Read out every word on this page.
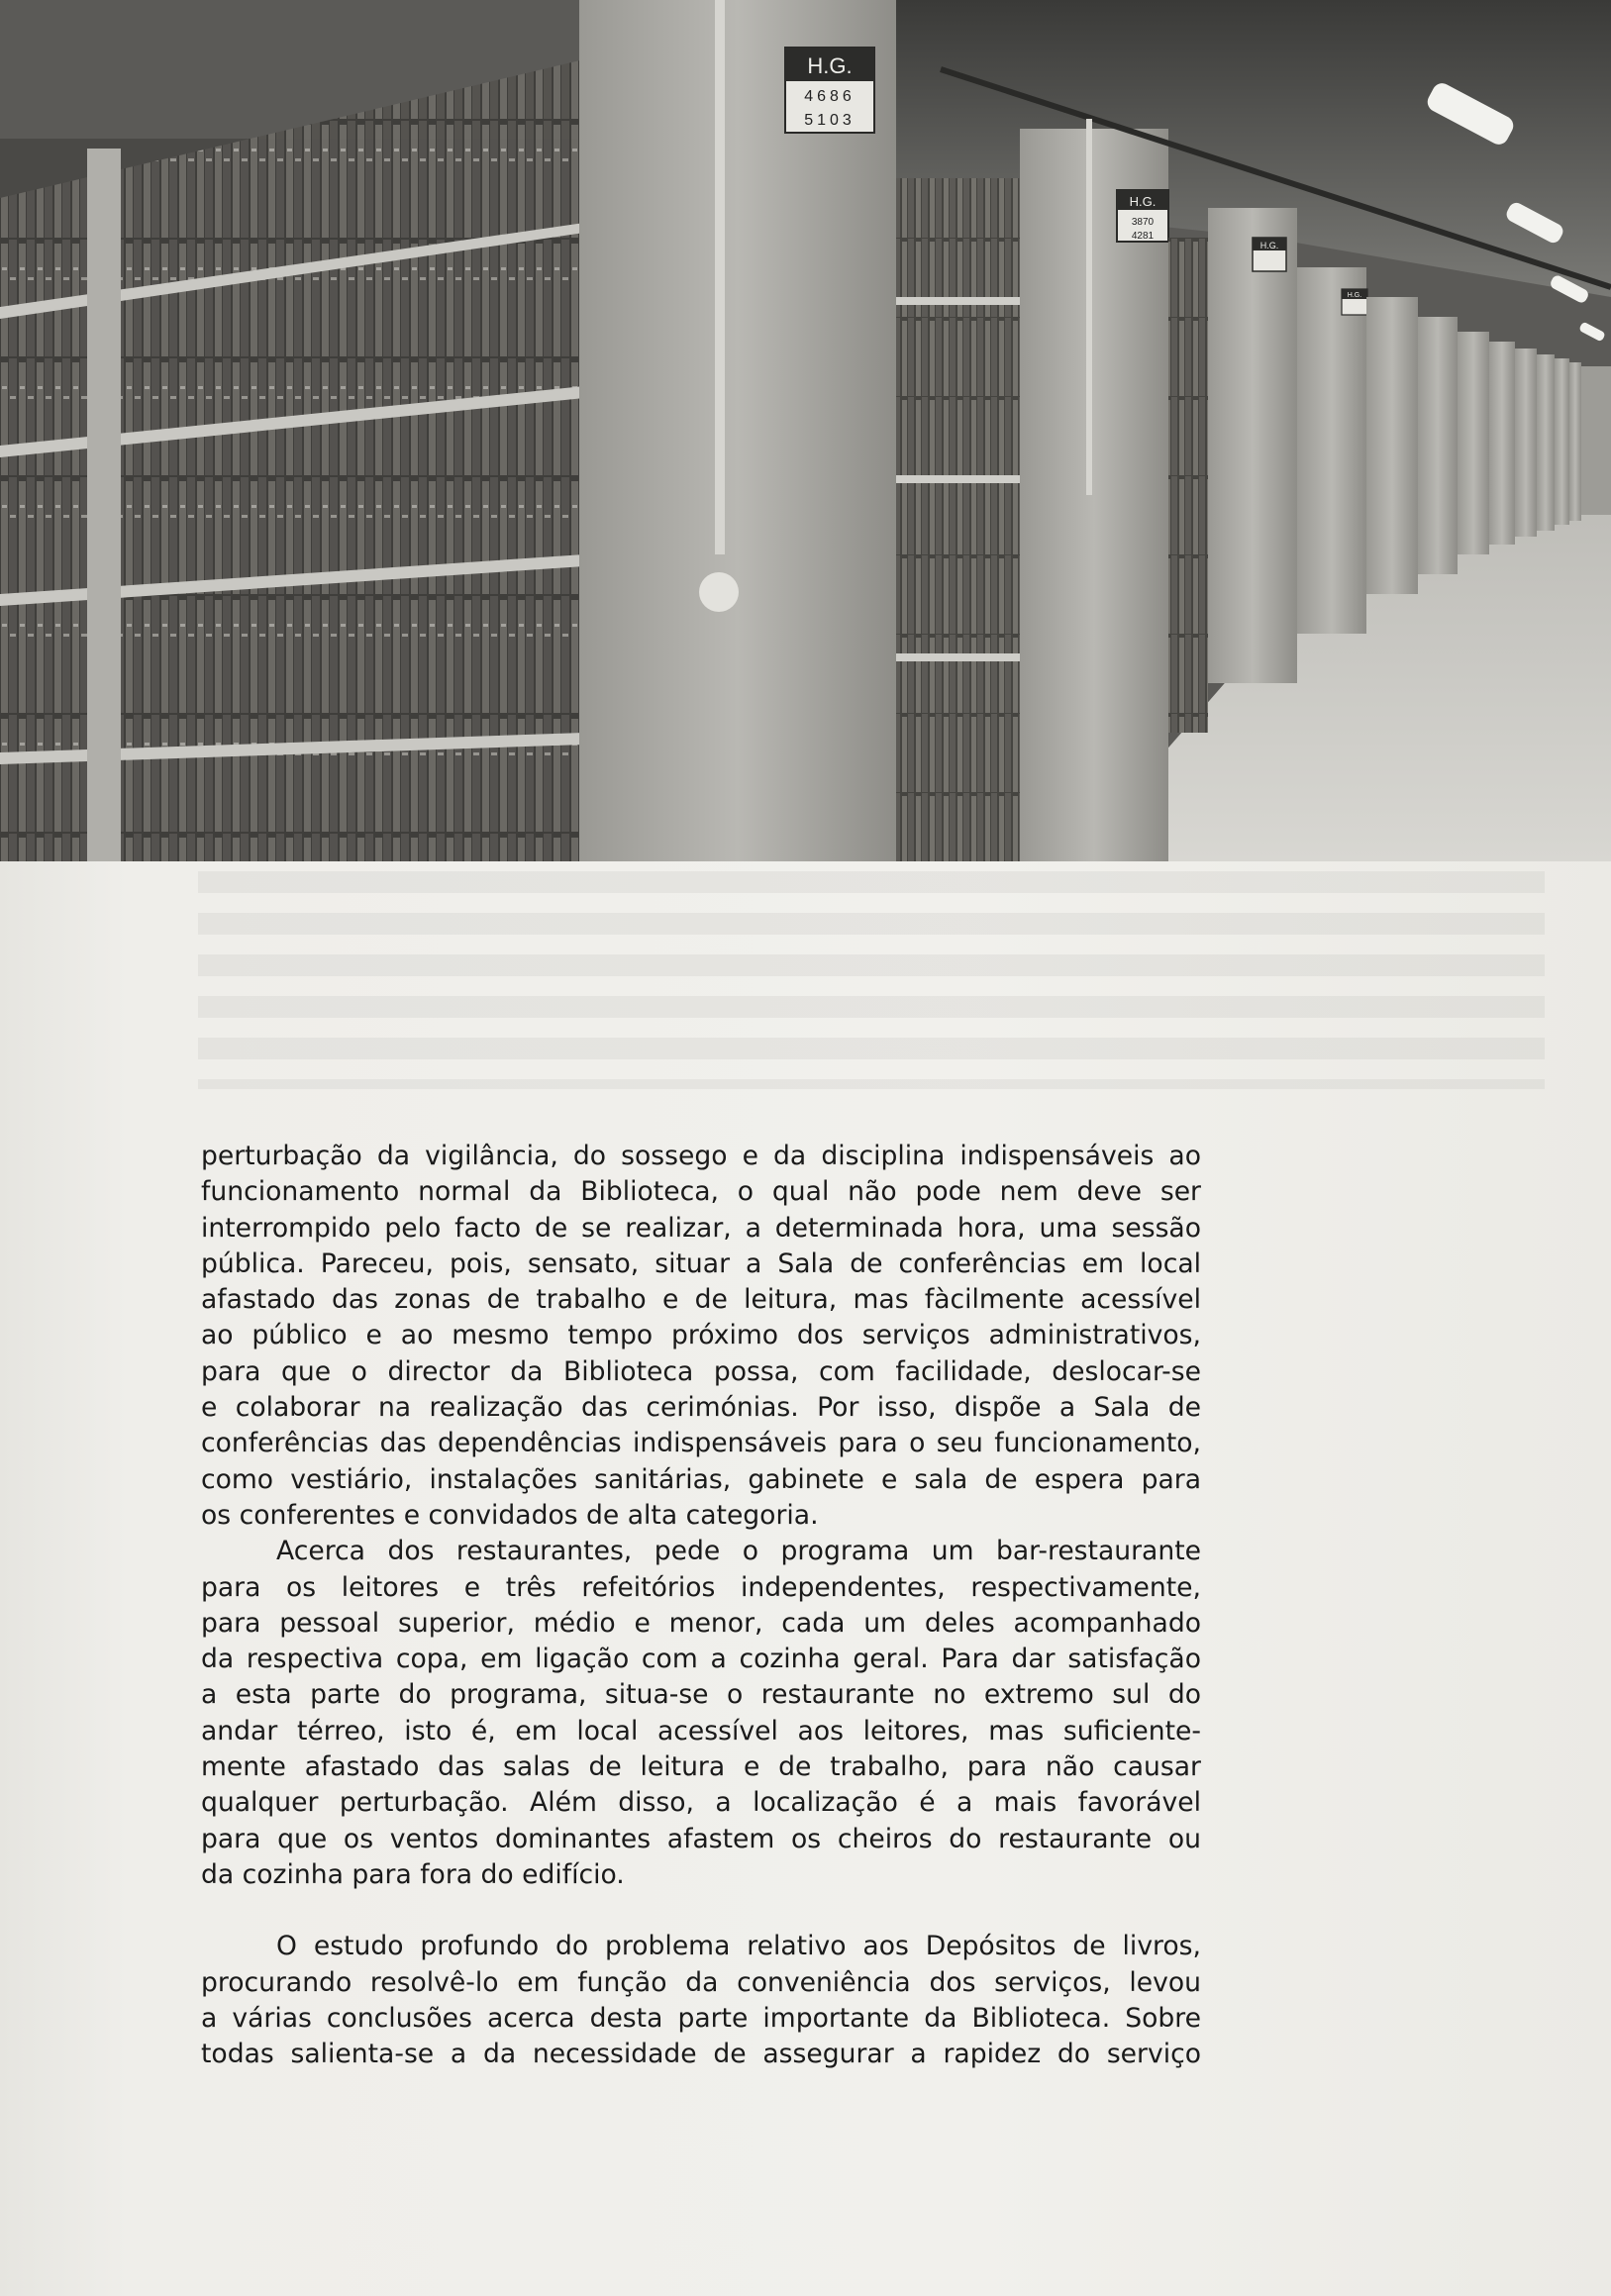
H.G.
4686
5103
H.G.
3870
4281
H.G.
H.G.

perturbação da vigilância, do sossego e da disciplina indispensáveis ao
funcionamento normal da Biblioteca, o qual não pode nem deve ser
interrompido pelo facto de se realizar, a determinada hora, uma sessão
pública. Pareceu, pois, sensato, situar a Sala de conferências em local
afastado das zonas de trabalho e de leitura, mas fàcilmente acessível
ao público e ao mesmo tempo próximo dos serviços administrativos,
para que o director da Biblioteca possa, com facilidade, deslocar-se
e colaborar na realização das cerimónias. Por isso, dispõe a Sala de
conferências das dependências indispensáveis para o seu funcionamento,
como vestiário, instalações sanitárias, gabinete e sala de espera para
os conferentes e convidados de alta categoria.

Acerca dos restaurantes, pede o programa um bar-restaurante
para os leitores e três refeitórios independentes, respectivamente,
para pessoal superior, médio e menor, cada um deles acompanhado
da respectiva copa, em ligação com a cozinha geral. Para dar satisfação
a esta parte do programa, situa-se o restaurante no extremo sul do
andar térreo, isto é, em local acessível aos leitores, mas suficiente-
mente afastado das salas de leitura e de trabalho, para não causar
qualquer perturbação. Além disso, a localização é a mais favorável
para que os ventos dominantes afastem os cheiros do restaurante ou
da cozinha para fora do edifício.

O estudo profundo do problema relativo aos Depósitos de livros,
procurando resolvê-lo em função da conveniência dos serviços, levou
a várias conclusões acerca desta parte importante da Biblioteca. Sobre
todas salienta-se a da necessidade de assegurar a rapidez do serviço
